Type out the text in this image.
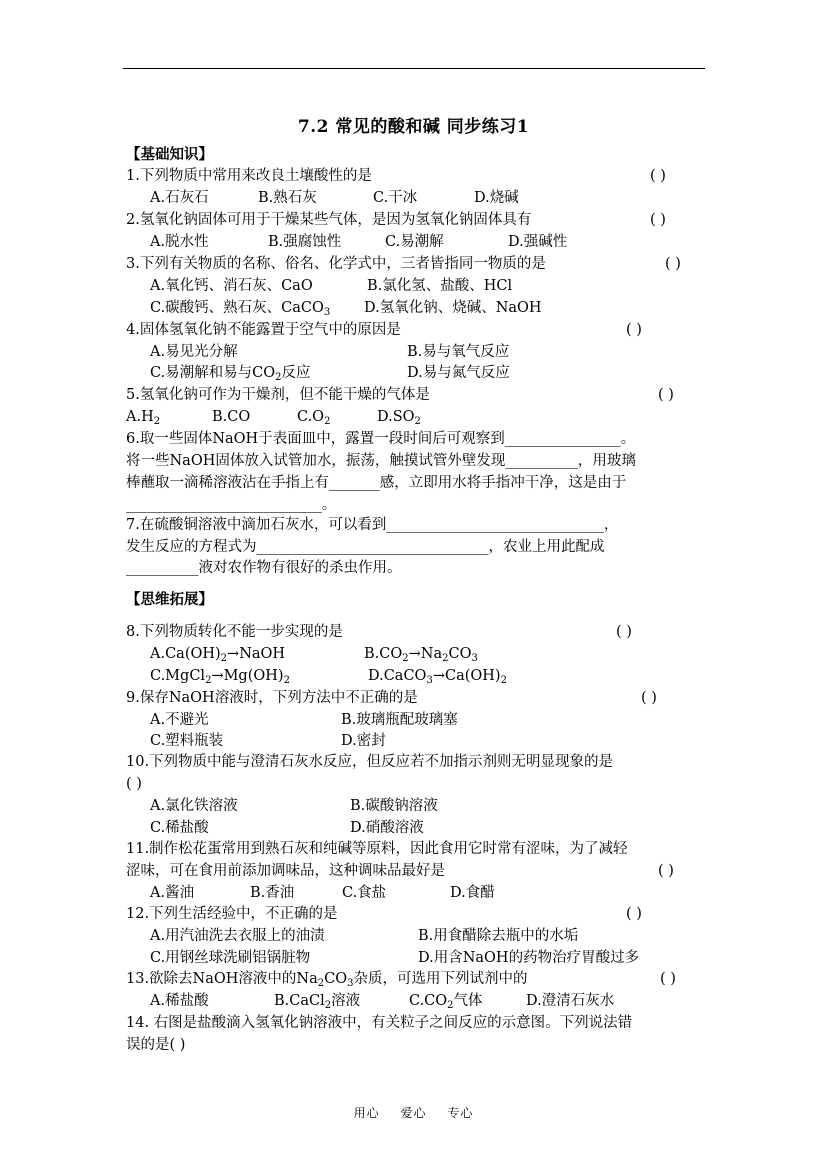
7.2 常见的酸和碱 同步练习1
【基础知识】
1.下列物质中常用来改良土壤酸性的是	( )
A.石灰石	B.熟石灰	C.干冰	D.烧碱
2.氢氧化钠固体可用于干燥某些气体，是因为氢氧化钠固体具有	( )
A.脱水性	B.强腐蚀性	C.易潮解	D.强碱性
3.下列有关物质的名称、俗名、化学式中，三者皆指同一物质的是	( )
A.氧化钙、消石灰、CaO	B.氯化氢、盐酸、HCl
C.碳酸钙、熟石灰、CaCO$_3$ D.氢氧化钠、烧碱、NaOH
4.固体氢氧化钠不能露置于空气中的原因是	( )
A.易见光分解	B.易与氧气反应
C.易潮解和易与$CO_2$反应	D.易与氮气反应
5.氢氧化钠可作为干燥剂，但不能干燥的气体是	( )
$A.H_2$	B.CO	$C.O_2$	$D.SO_2$
6.取一些固体NaOH于表面皿中，露置一段时间后可观察到________________。
将一些NaOH固体放入试管加水，振荡，触摸试管外壁发现__________，用玻璃
棒蘸取一滴稀溶液沾在手指上有_______感，立即用水将手指冲干净，这是由于
___________________________。
7.在硫酸铜溶液中滴加石灰水，可以看到______________________________，
发生反应的方程式为________________________________，农业上用此配成
__________液对农作物有很好的杀虫作用。
【思维拓展】
8.下列物质转化不能一步实现的是	( )
$A.Ca(OH)_2\to NaOH$	$B.CO_2\to Na_2CO_3$
$C.MgCl_2\to Mg(OH)_2$	$D.CaCO_3\to Ca(OH)_2$
9.保存NaOH溶液时，下列方法中不正确的是	( )
A.不避光	B.玻璃瓶配玻璃塞
C.塑料瓶装	D.密封
10.下列物质中能与澄清石灰水反应，但反应若不加指示剂则无明显现象的是
( )
A.氯化铁溶液	B.碳酸钠溶液
C.稀盐酸	D.硝酸溶液
11.制作松花蛋常用到熟石灰和纯碱等原料，因此食用它时常有涩味，为了减轻
涩味，可在食用前添加调味品，这种调味品最好是	( )
A.酱油	B.香油	C.食盐	D.食醋
12.下列生活经验中，不正确的是	( )
A.用汽油洗去衣服上的油渍	B.用食醋除去瓶中的水垢
C.用钢丝球洗刷铝锅脏物	D.用含NaOH的药物治疗胃酸过多
13.欲除去NaOH溶液中的$Na_2CO_3$杂质，可选用下列试剂中的	( )
A.稀盐酸	B.CaCl$_2$溶液	$C.CO_2$气体	D.澄清石灰水
14. 右图是盐酸滴入氢氧化钠溶液中，有关粒子之间反应的示意图。下列说法错
误的是( )
用心 爱心 专心
